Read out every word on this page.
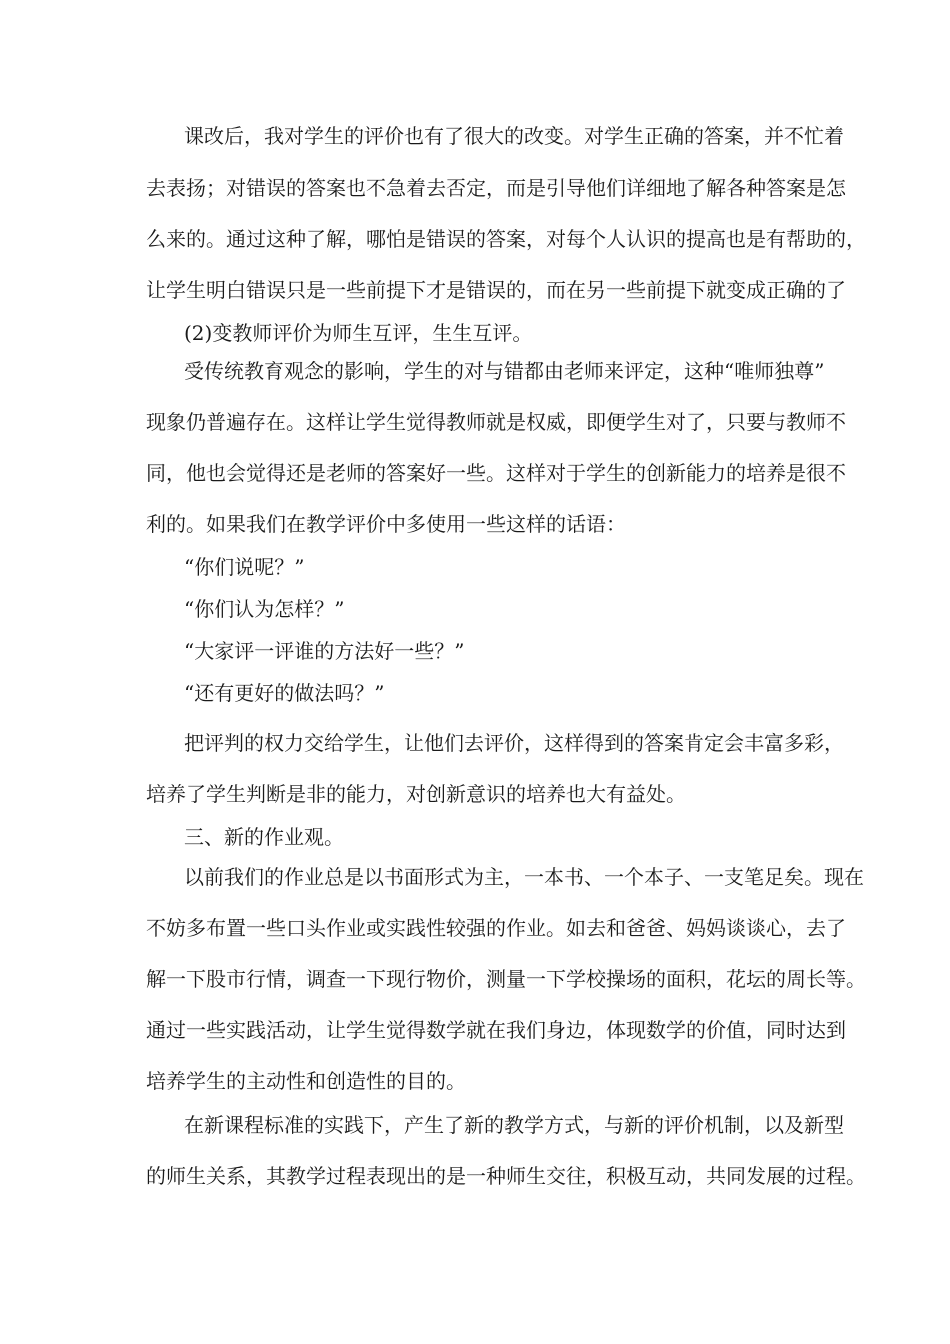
课改后，我对学生的评价也有了很大的改变。对学生正确的答案，并不忙着
去表扬；对错误的答案也不急着去否定，而是引导他们详细地了解各种答案是怎
么来的。通过这种了解，哪怕是错误的答案，对每个人认识的提高也是有帮助的，
让学生明白错误只是一些前提下才是错误的，而在另一些前提下就变成正确的了
(2)变教师评价为师生互评，生生互评。
受传统教育观念的影响，学生的对与错都由老师来评定，这种“唯师独尊”
现象仍普遍存在。这样让学生觉得教师就是权威，即便学生对了，只要与教师不
同，他也会觉得还是老师的答案好一些。这样对于学生的创新能力的培养是很不
利的。如果我们在教学评价中多使用一些这样的话语：
“你们说呢？”
“你们认为怎样？”
“大家评一评谁的方法好一些？”
“还有更好的做法吗？”
把评判的权力交给学生，让他们去评价，这样得到的答案肯定会丰富多彩，
培养了学生判断是非的能力，对创新意识的培养也大有益处。
三、新的作业观。
以前我们的作业总是以书面形式为主，一本书、一个本子、一支笔足矣。现在
不妨多布置一些口头作业或实践性较强的作业。如去和爸爸、妈妈谈谈心，去了
解一下股市行情，调查一下现行物价，测量一下学校操场的面积，花坛的周长等。
通过一些实践活动，让学生觉得数学就在我们身边，体现数学的价值，同时达到
培养学生的主动性和创造性的目的。
在新课程标准的实践下，产生了新的教学方式，与新的评价机制，以及新型
的师生关系，其教学过程表现出的是一种师生交往，积极互动，共同发展的过程。
